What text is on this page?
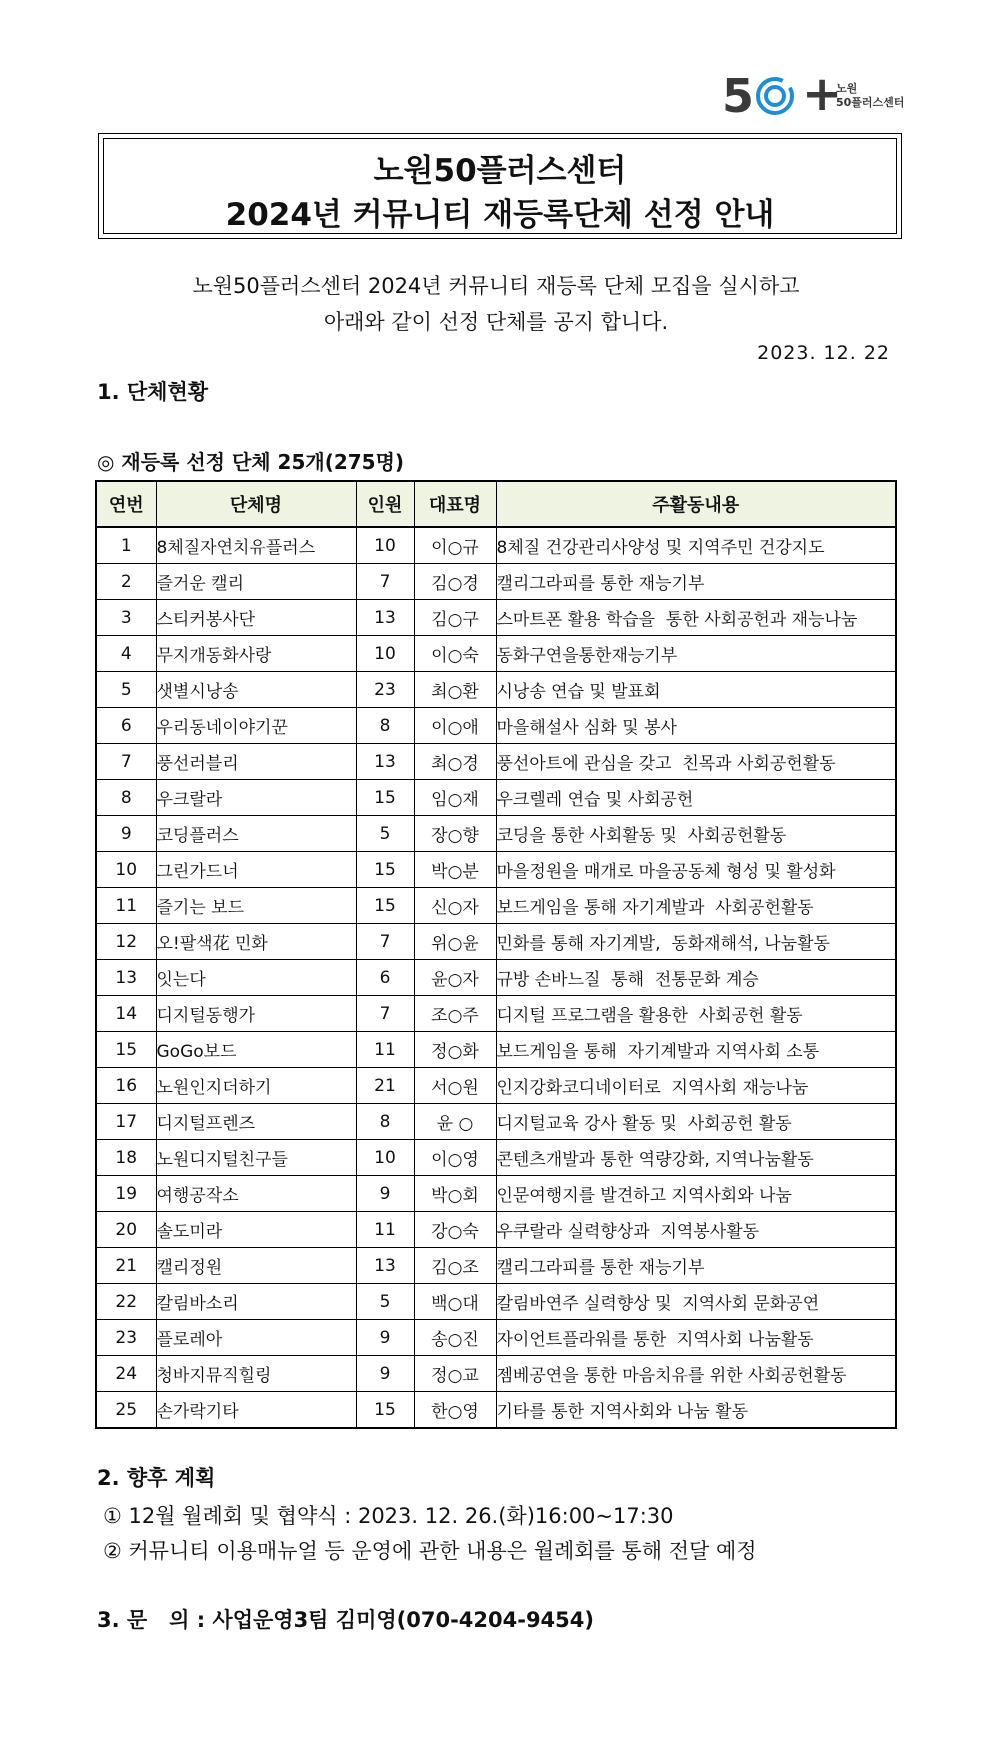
5 +
노원
50플러스센터
노원50플러스센터
2024년 커뮤니티 재등록단체 선정 안내
노원50플러스센터 2024년 커뮤니티 재등록 단체 모집을 실시하고
아래와 같이 선정 단체를 공지 합니다.
2023. 12. 22
1. 단체현황
◎ 재등록 선정 단체 25개(275명)
연번	단체명	인원	대표명	주활동내용
1	8체질자연치유플러스	10	이○규	8체질 건강관리사양성 및 지역주민 건강지도
2	즐거운 캘리	7	김○경	캘리그라피를 통한 재능기부
3	스티커봉사단	13	김○구	스마트폰 활용 학습을  통한 사회공헌과 재능나눔
4	무지개동화사랑	10	이○숙	동화구연을통한재능기부
5	샛별시낭송	23	최○환	시낭송 연습 및 발표회
6	우리동네이야기꾼	8	이○애	마을해설사 심화 및 봉사
7	풍선러블리	13	최○경	풍선아트에 관심을 갖고  친목과 사회공헌활동
8	우크랄라	15	임○재	우크렐레 연습 및 사회공헌
9	코딩플러스	5	장○향	코딩을 통한 사회활동 및  사회공헌활동
10	그린가드너	15	박○분	마을정원을 매개로 마을공동체 형성 및 활성화
11	즐기는 보드	15	신○자	보드게임을 통해 자기계발과  사회공헌활동
12	오!팔색花 민화	7	위○윤	민화를 통해 자기계발,  동화재해석, 나눔활동
13	잇는다	6	윤○자	규방 손바느질  통해  전통문화 계승
14	디지털동행가	7	조○주	디지털 프로그램을 활용한  사회공헌 활동
15	GoGo보드	11	정○화	보드게임을 통해  자기계발과 지역사회 소통
16	노원인지더하기	21	서○원	인지강화코디네이터로  지역사회 재능나눔
17	디지털프렌즈	8	윤 ○	디지털교육 강사 활동 및  사회공헌 활동
18	노원디지털친구들	10	이○영	콘텐츠개발과 통한 역량강화, 지역나눔활동
19	여행공작소	9	박○회	인문여행지를 발견하고 지역사회와 나눔
20	솔도미라	11	강○숙	우쿠랄라 실력향상과  지역봉사활동
21	캘리정원	13	김○조	캘리그라피를 통한 재능기부
22	칼림바소리	5	백○대	칼림바연주 실력향상 및  지역사회 문화공연
23	플로레아	9	송○진	자이언트플라워를 통한  지역사회 나눔활동
24	청바지뮤직힐링	9	정○교	젬베공연을 통한 마음치유를 위한 사회공헌활동
25	손가락기타	15	한○영	기타를 통한 지역사회와 나눔 활동
2. 향후 계획
① 12월 월례회 및 협약식 : 2023. 12. 26.(화)16:00~17:30
② 커뮤니티 이용매뉴얼 등 운영에 관한 내용은 월례회를 통해 전달 예정
3. 문   의 : 사업운영3팀 김미영(070-4204-9454)
